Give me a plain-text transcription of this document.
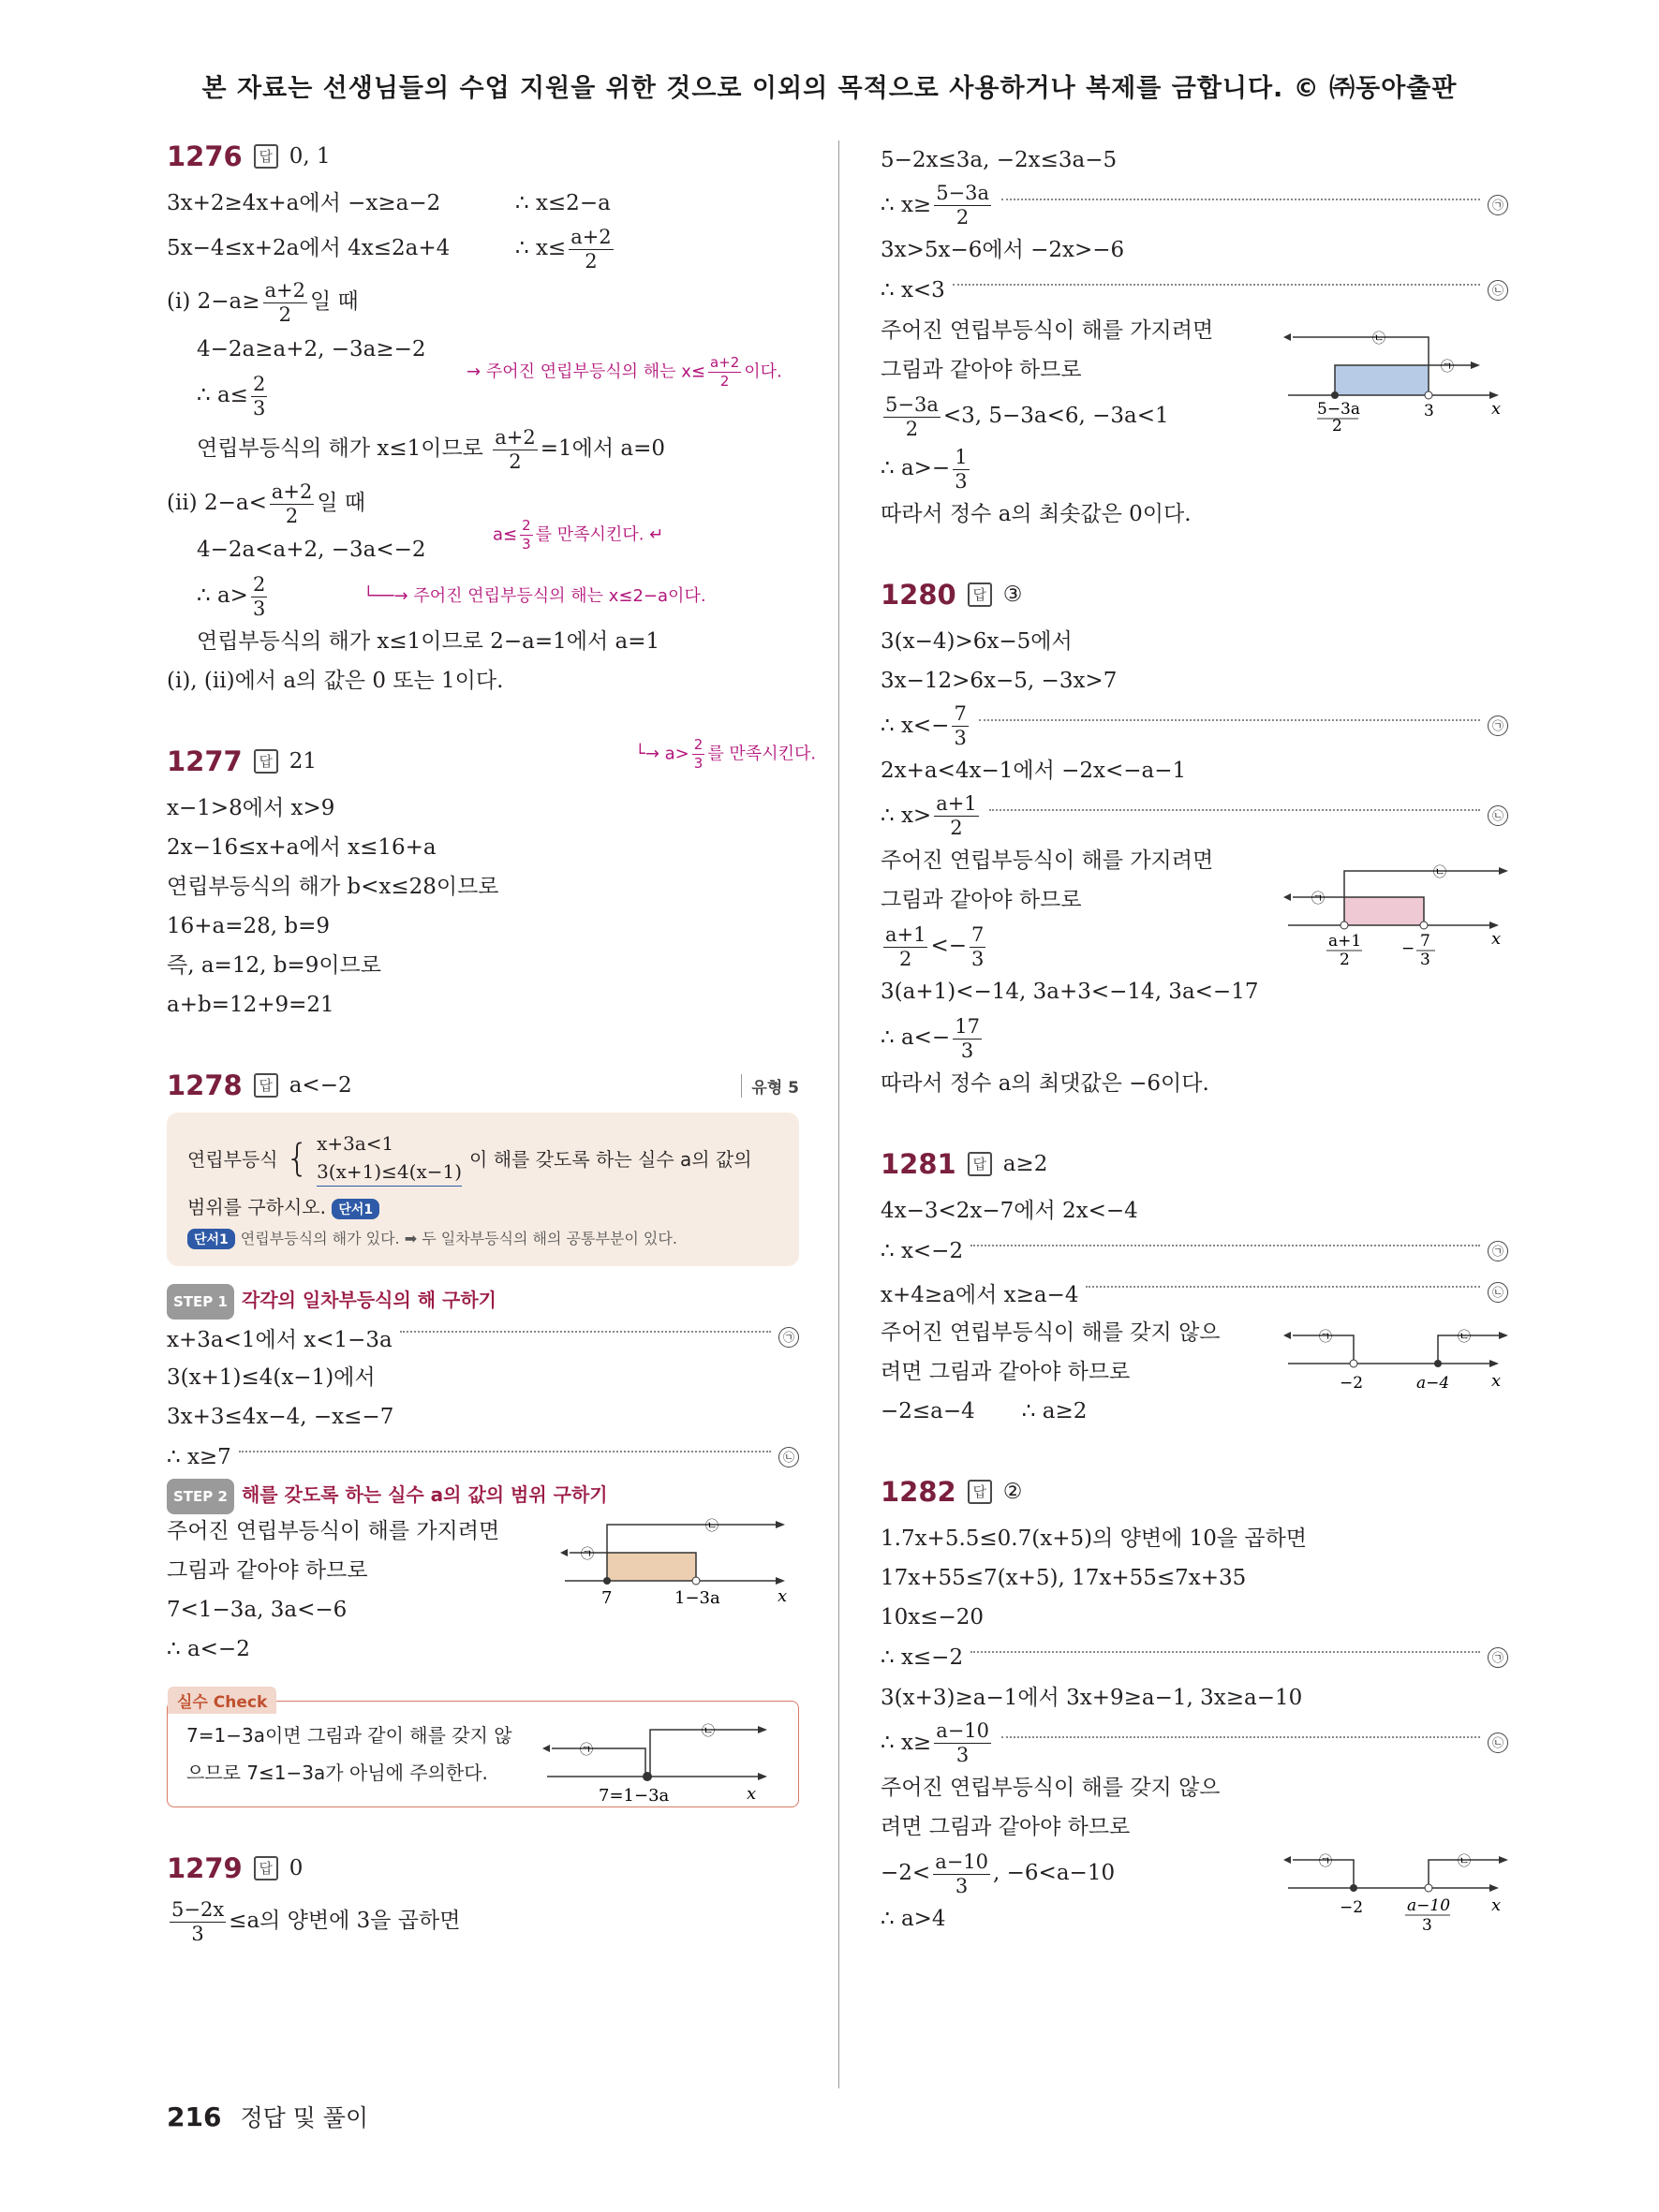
본 자료는 선생님들의 수업 지원을 위한 것으로 이외의 목적으로 사용하거나 복제를 금합니다. © ㈜동아출판
1276	답 0, 1
3x+2≥4x+a에서 −x≥a−2	∴ x≤2−a
5x−4≤x+2a에서 4x≤2a+4	∴ $x\le \frac{a+2}{2}$
(i) $2-a\ge \frac{a+2}{2}$ 일 때
→ 주어진 연립부등식의 해는 $x\le \frac{a+2}{2}$ 이다.
4−2a≥a+2, −3a≥−2
∴ $a\le \frac{2}{3}$
연립부등식의 해가 x≤1이므로 $\frac{a+2}{2} =1$에서 a=0
$a\le \frac{2}{3}$ 를 만족시킨다. ↵
(ii) $2-a< \frac{a+2}{2}$ 일 때
└──→ 주어진 연립부등식의 해는 x≤2−a이다.
4−2a<a+2, −3a<−2
∴ $a> \frac{2}{3}$
연립부등식의 해가 x≤1이므로 2−a=1에서 a=1
(i), (ii)에서 a의 값은 0 또는 1이다.
└→ $a> \frac{2}{3}$ 를 만족시킨다.
1277	답 21
x−1>8에서 x>9
2x−16≤x+a에서 x≤16+a
연립부등식의 해가 b<x≤28이므로
16+a=28, b=9
즉, a=12, b=9이므로
a+b=12+9=21
1278	답 a<−2	유형 5
연립부등식 { x+3a<1
3(x+1)≤4(x−1)
이 해를 갖도록 하는 실수 a의 값의
범위를 구하시오. 단서1
단서1 연립부등식의 해가 있다. ➡ 두 일차부등식의 해의 공통부분이 있다.
STEP 1 각각의 일차부등식의 해 구하기
x+3a<1에서 x<1−3a	㉠
3(x+1)≤4(x−1)에서
3x+3≤4x−4, −x≤−7
∴ x≥7	㉡
STEP 2 해를 갖도록 하는 실수 a의 값의 범위 구하기
주어진 연립부등식이 해를 가지려면
그림과 같아야 하므로
7<1−3a, 3a<−6
∴ a<−2
7	1−3a	x
㉠
㉡
실수 Check
7=1−3a이면 그림과 같이 해를 갖지 않
으므로 7≤1−3a가 아님에 주의한다.
7=1−3a	x
㉠
㉡
1279	답 0
$\frac{5-2x}{3} \le a$의 양변에 3을 곱하면
5−2x≤3a, −2x≤3a−5
∴ $x\ge \frac{5-3a}{2}$	㉠
3x>5x−6에서 −2x>−6
∴ x<3	㉡
주어진 연립부등식이 해를 가지려면
그림과 같아야 하므로
$\frac{5-3a}{2} <3$, 5−3a<6, −3a<1
∴ $a>- \frac{1}{3}$
따라서 정수 a의 최솟값은 0이다.
5−3a
2
3	x
㉡
㉠
1280	답 ③
3(x−4)>6x−5에서
3x−12>6x−5, −3x>7
∴ $x<- \frac{7}{3}$	㉠
2x+a<4x−1에서 −2x<−a−1
∴ $x> \frac{a+1}{2}$	㉡
주어진 연립부등식이 해를 가지려면
그림과 같아야 하므로
$\frac{a+1}{2} <- \frac{7}{3}$
3(a+1)<−14, 3a+3<−14, 3a<−17
∴ $a<- \frac{17}{3}$
따라서 정수 a의 최댓값은 −6이다.
a+1
2
− 7
3
x
㉠
㉡
1281	답 a≥2
4x−3<2x−7에서 2x<−4
∴ x<−2	㉠
x+4≥a에서 x≥a−4	㉡
주어진 연립부등식이 해를 갖지 않으
려면 그림과 같아야 하므로
−2≤a−4 ∴ a≥2
−2	a−4 x
㉠	㉡
1282	답 ②
1.7x+5.5≤0.7(x+5)의 양변에 10을 곱하면
17x+55≤7(x+5), 17x+55≤7x+35
10x≤−20
∴ x≤−2	㉠
3(x+3)≥a−1에서 3x+9≥a−1, 3x≥a−10
∴ $x\ge \frac{a-10}{3}$	㉡
주어진 연립부등식이 해를 갖지 않으
려면 그림과 같아야 하므로
$-2< \frac{a-10}{3}$ , −6<a−10
∴ a>4	−2	a−10
3
x
㉠	㉡
216 정답 및 풀이
